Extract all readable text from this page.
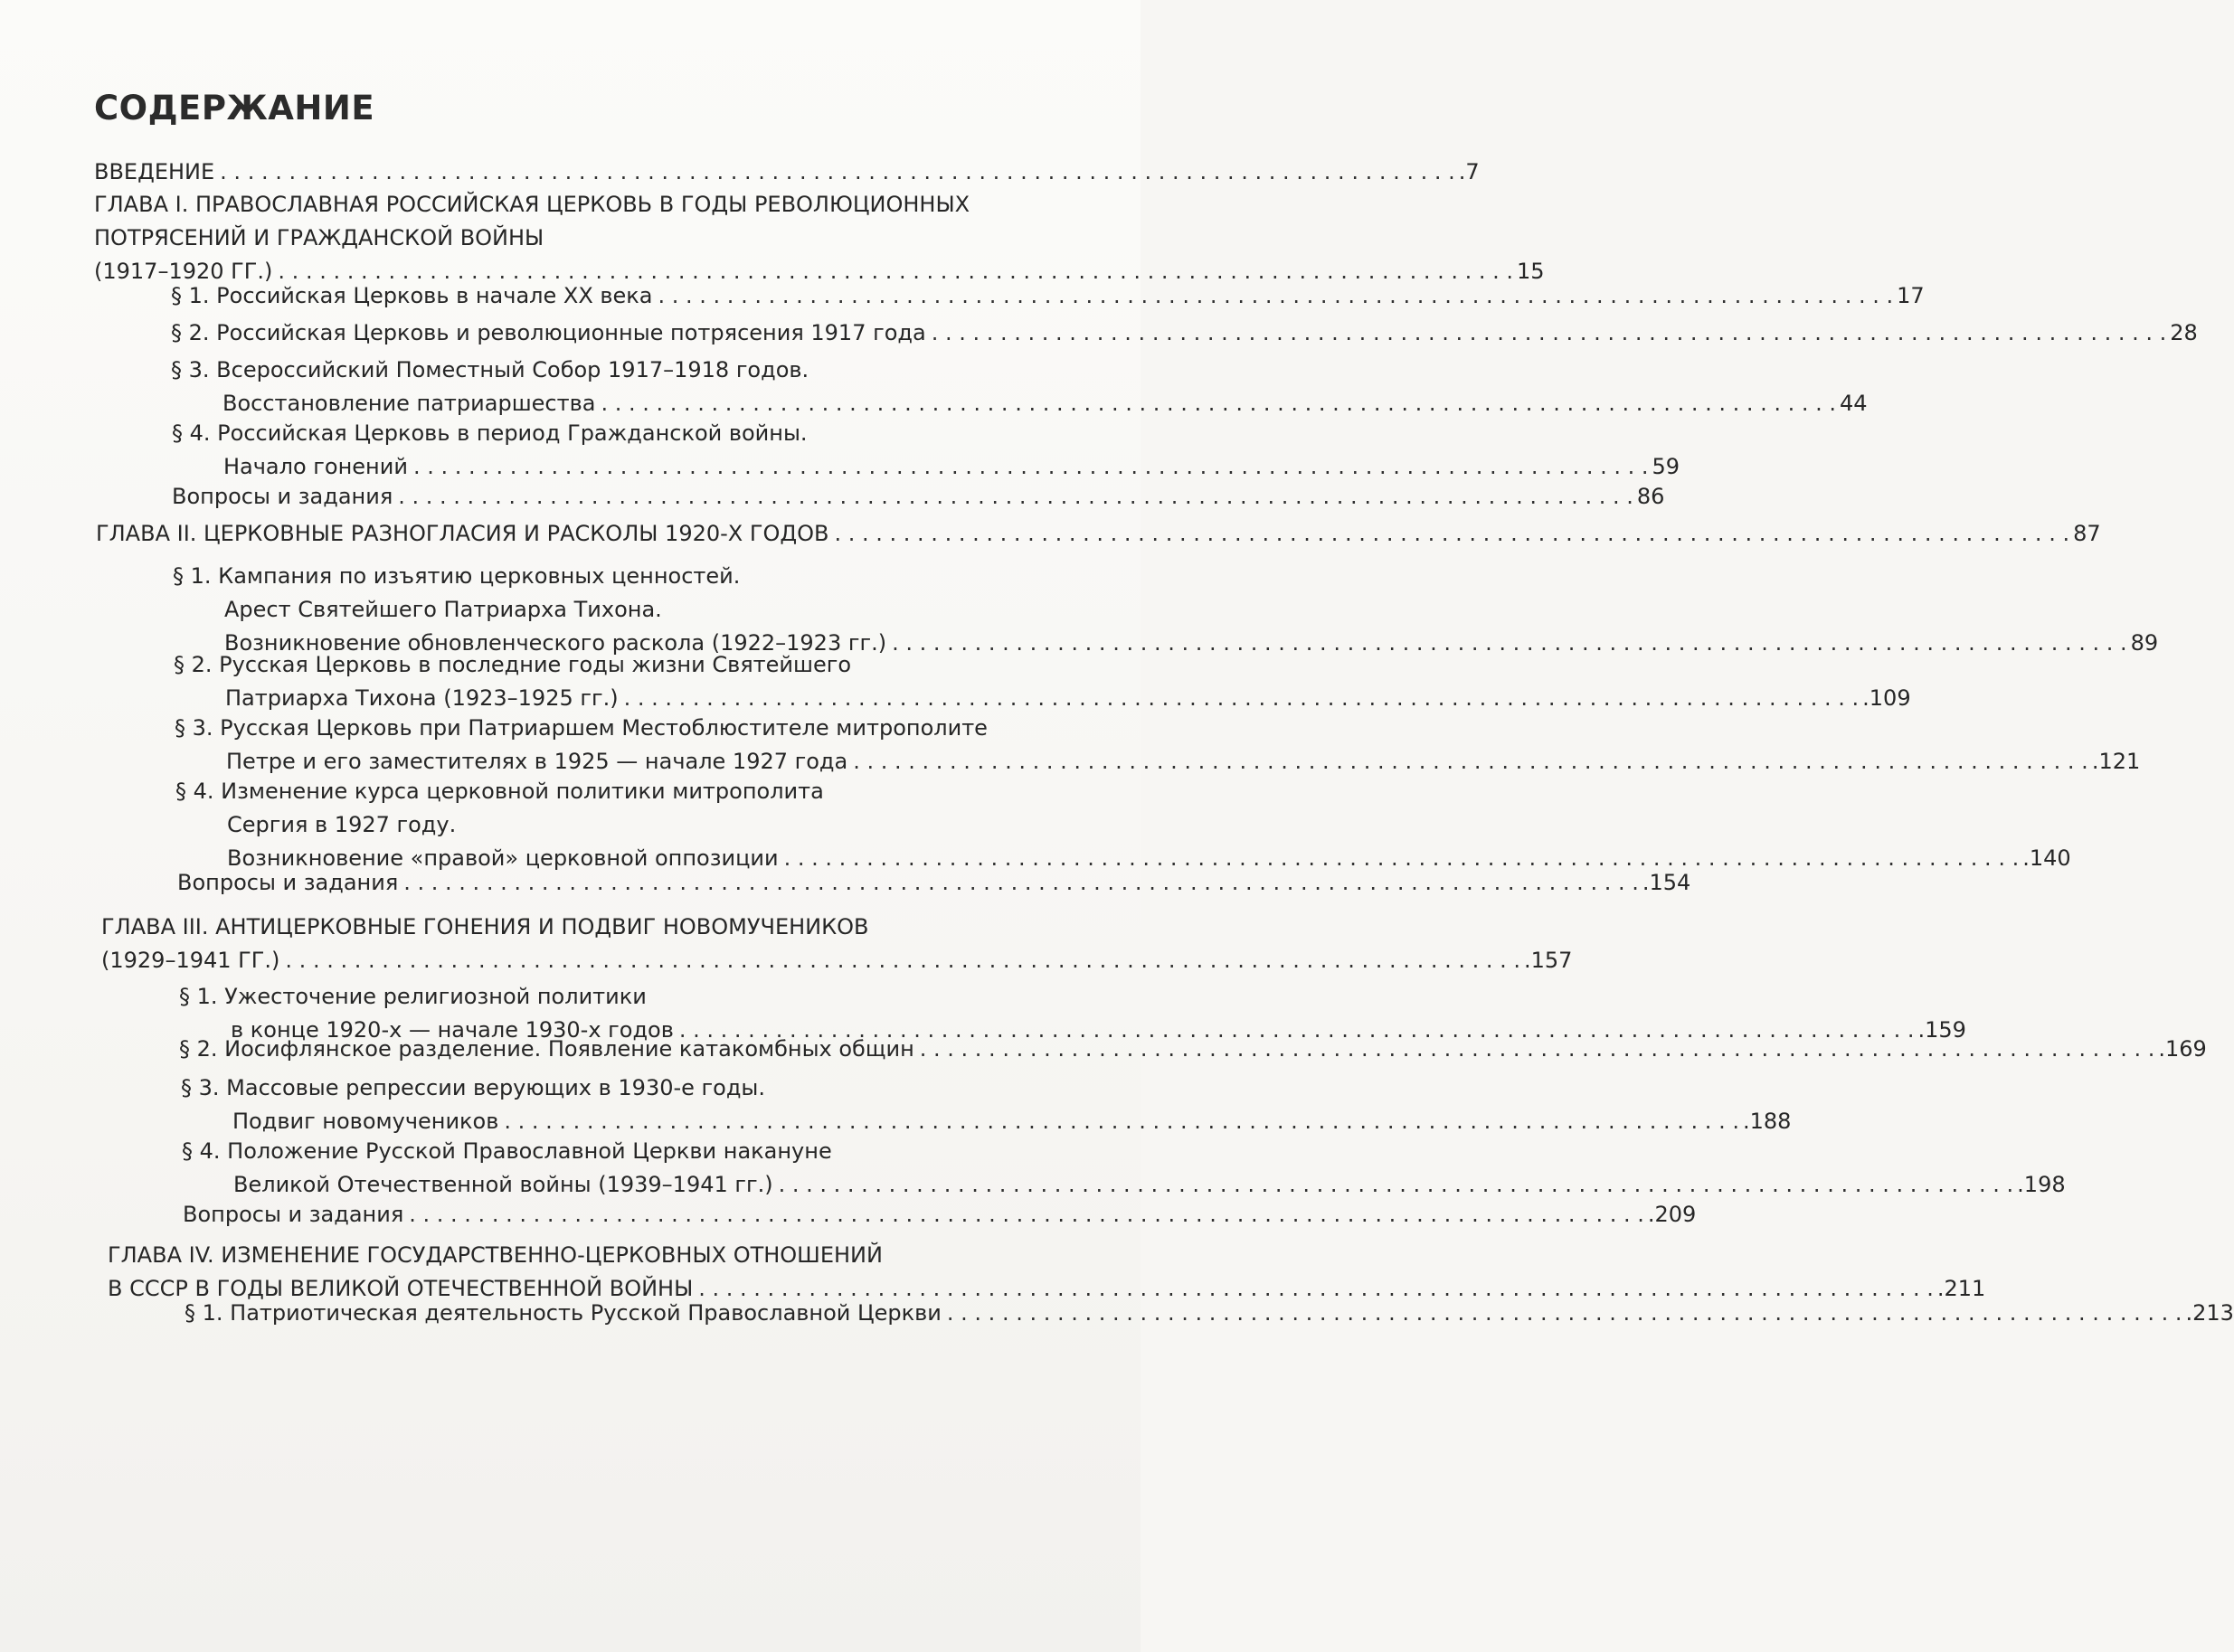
СОДЕРЖАНИЕ
ВВЕДЕНИЕ . . .	.7
ГЛАВА I. ПРАВОСЛАВНАЯ РОССИЙСКАЯ ЦЕРКОВЬ В ГОДЫ РЕВОЛЮЦИОННЫХ
ПОТРЯСЕНИЙ И ГРАЖДАНСКОЙ ВОЙНЫ
(1917–1920 ГГ.) . . .	15
§ 1. Российская Церковь в начале XX века . . .	17
§ 2. Российская Церковь и революционные потрясения 1917 года . . .	28
§ 3. Всероссийский Поместный Собор 1917–1918 годов.
Восстановление патриаршества . . .	44
§ 4. Российская Церковь в период Гражданской войны.
Начало гонений . . .	59
Вопросы и задания . . .	86
ГЛАВА II. ЦЕРКОВНЫЕ РАЗНОГЛАСИЯ И РАСКОЛЫ 1920-Х ГОДОВ . . .	87
§ 1. Кампания по изъятию церковных ценностей.
Арест Святейшего Патриарха Тихона.
Возникновение обновленческого раскола (1922–1923 гг.) . . .	89
§ 2. Русская Церковь в последние годы жизни Святейшего
Патриарха Тихона (1923–1925 гг.) . . .	.109
§ 3. Русская Церковь при Патриаршем Местоблюстителе митрополите
Петре и его заместителях в 1925 — начале 1927 года . . .	.121
§ 4. Изменение курса церковной политики митрополита
Сергия в 1927 году.
Возникновение «правой» церковной оппозиции . . .	.140
Вопросы и задания . . .	.154
ГЛАВА III. АНТИЦЕРКОВНЫЕ ГОНЕНИЯ И ПОДВИГ НОВОМУЧЕНИКОВ
(1929–1941 ГГ.) . . .	.157
§ 1. Ужесточение религиозной политики
в конце 1920-х — начале 1930-х годов . . .	.159
§ 2. Иосифлянское разделение. Появление катакомбных общин . . .	.169
§ 3. Массовые репрессии верующих в 1930-е годы.
Подвиг новомучеников . . .	.188
§ 4. Положение Русской Православной Церкви накануне
Великой Отечественной войны (1939–1941 гг.) . . .	.198
Вопросы и задания . . .	.209
ГЛАВА IV. ИЗМЕНЕНИЕ ГОСУДАРСТВЕННО-ЦЕРКОВНЫХ ОТНОШЕНИЙ
В СССР В ГОДЫ ВЕЛИКОЙ ОТЕЧЕСТВЕННОЙ ВОЙНЫ . . .	.211
§ 1. Патриотическая деятельность Русской Православной Церкви . . .	.213
